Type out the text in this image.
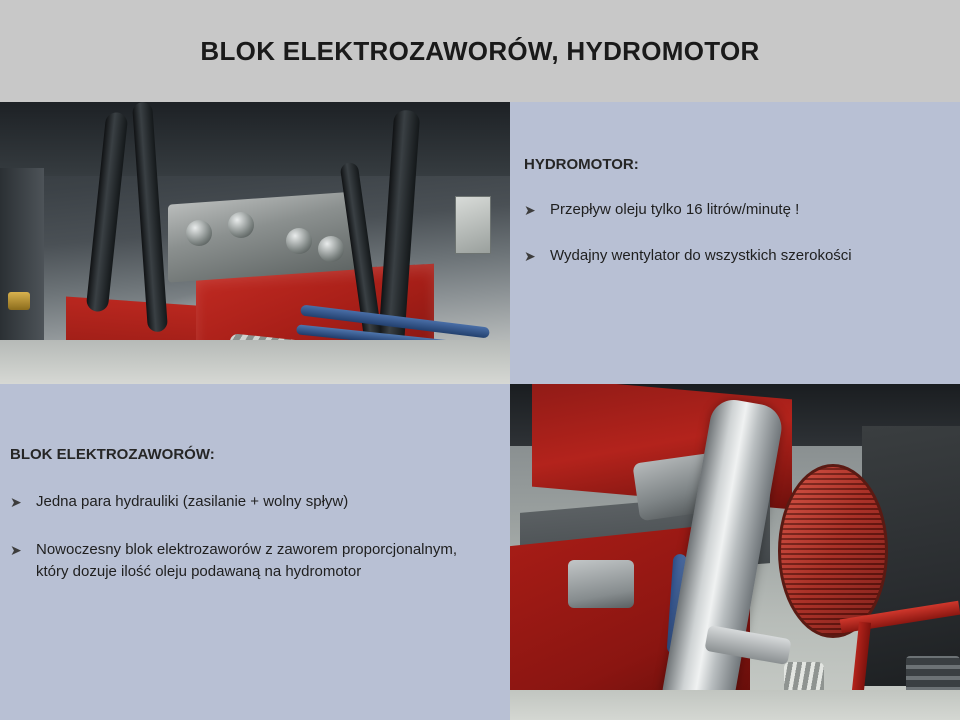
BLOK ELEKTROZAWORÓW, HYDROMOTOR
HYDROMOTOR:
➤ Przepływ oleju tylko 16 litrów/minutę !
➤ Wydajny wentylator do wszystkich szerokości
BLOK ELEKTROZAWORÓW:
➤ Jedna para hydrauliki (zasilanie + wolny spływ)
➤ Nowoczesny blok elektrozaworów z zaworem proporcjonalnym, który dozuje ilość oleju podawaną na hydromotor
